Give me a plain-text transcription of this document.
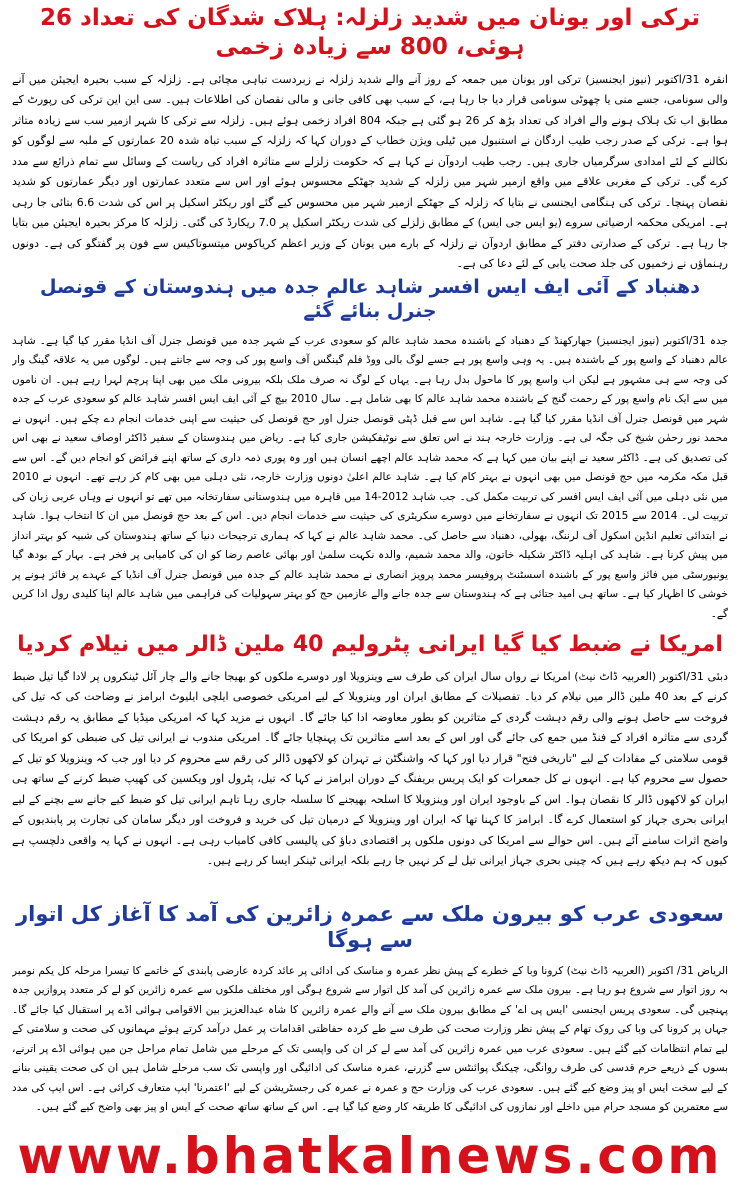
ترکی اور یونان میں شدید زلزلہ: ہلاک شدگان کی تعداد 26 ہوئی، 800 سے زیادہ زخمی

انقرہ 31/اکتوبر (نیوز ایجنسیز) ترکی اور یونان میں جمعہ کے روز آنے والے شدید زلزلہ نے زبردست تباہی مچائی ہے۔ زلزلہ کے سبب بحیرہ ایجیئن میں آنے والی سونامی، جسے منی یا چھوٹی سونامی قرار دیا جا رہا ہے، کے سبب بھی کافی جانی و مالی نقصان کی اطلاعات ہیں۔ سی این این ترکی کی رپورٹ کے مطابق اب تک ہلاک ہونے والے افراد کی تعداد بڑھ کر 26 ہو گئی ہے جبکہ 804 افراد زخمی ہوئے ہیں۔ زلزلہ سے ترکی کا شہر ازمیر سب سے زیادہ متاثر ہوا ہے۔ ترکی کے صدر رجب طیب اردگان نے استنبول میں ٹیلی ویژن خطاب کے دوران کہا کہ زلزلہ کے سبب تباہ شدہ 20 عمارتوں کے ملبہ سے لوگوں کو نکالنے کے لئے امدادی سرگرمیاں جاری ہیں۔ رجب طیب اردوآن نے کہا ہے کہ حکومت زلزلے سے متاثرہ افراد کی ریاست کے وسائل سے تمام ذرائع سے مدد کرے گی۔ ترکی کے مغربی علاقے میں واقع ازمیر شہر میں زلزلہ کے شدید جھٹکے محسوس ہوئے اور اس سے متعدد عمارتوں اور دیگر عمارتوں کو شدید نقصان پہنچا۔ ترکی کی ہنگامی ایجنسی نے بتایا کہ زلزلہ کے جھٹکے ازمیر شہر میں محسوس کیے گئے اور ریکٹر اسکیل پر اس کی شدت 6.6 بتائی جا رہی ہے۔ امریکی محکمہ ارضیاتی سروے (یو ایس جی ایس) کے مطابق زلزلے کی شدت ریکٹر اسکیل پر 7.0 ریکارڈ کی گئی۔ زلزلہ کا مرکز بحیرہ ایجیئن میں بتایا جا رہا ہے۔ ترکی کے صدارتی دفتر کے مطابق اردوآن نے زلزلہ کے بارے میں یونان کے وزیر اعظم کریاکوس میتسوتاکیس سے فون پر گفتگو کی ہے۔ دونوں رہنماؤں نے زخمیوں کی جلد صحت یابی کے لئے دعا کی ہے۔

دھنباد کے آئی ایف ایس افسر شاہد عالم جدہ میں ہندوستان کے قونصل جنرل بنائے گئے

جدہ 31/اکتوبر (نیوز ایجنسیز) جھارکھنڈ کے دھنباد کے باشندہ محمد شاہد عالم کو سعودی عرب کے شہر جدہ میں قونصل جنرل آف انڈیا مقرر کیا گیا ہے۔ شاہد عالم دھنباد کے واسع پور کے باشندہ ہیں۔ یہ وہی واسع پور ہے جسے لوگ بالی ووڈ فلم گینگس آف واسع پور کی وجہ سے جانتے ہیں۔ لوگوں میں یہ علاقہ گینگ وار کی وجہ سے ہی مشہور ہے لیکن اب واسع پور کا ماحول بدل رہا ہے۔ یہاں کے لوگ نہ صرف ملک بلکہ بیرونی ملک میں بھی اپنا پرچم لہرا رہے ہیں۔ ان ناموں میں سے ایک نام واسع پور کے رحمت گنج کے باشندہ محمد شاہد عالم کا بھی شامل ہے۔ سال 2010 بیچ کے آئی ایف ایس افسر شاہد عالم کو سعودی عرب کے جدہ شہر میں قونصل جنرل آف انڈیا مقرر کیا گیا ہے۔ شاہد اس سے قبل ڈپٹی قونصل جنرل اور حج قونصل کی حیثیت سے اپنی خدمات انجام دے چکے ہیں۔ انہوں نے محمد نور رحمٰن شیخ کی جگہ لی ہے۔ وزارت خارجہ ہند نے اس تعلق سے نوٹیفکیشن جاری کیا ہے۔ ریاض میں ہندوستان کے سفیر ڈاکٹر اوصاف سعید نے بھی اس کی تصدیق کی ہے۔ ڈاکٹر سعید نے اپنے بیان میں کہا ہے کہ محمد شاہد عالم اچھے انسان ہیں اور وہ پوری ذمہ داری کے ساتھ اپنے فرائض کو انجام دیں گے۔ اس سے قبل مکہ مکرمہ میں حج قونصل میں بھی انہوں نے بہتر کام کیا ہے۔ شاہد عالم اعلیٰ دونوں وزارت خارجہ، نئی دہلی میں بھی کام کر رہے تھے۔ انہوں نے 2010 میں نئی دہلی میں آئی ایف ایس افسر کی تربیت مکمل کی۔ جب شاہد 2012-14 میں قاہرہ میں ہندوستانی سفارتخانہ میں تھے تو انہوں نے وہاں عربی زبان کی تربیت لی۔ 2014 سے 2015 تک انہوں نے سفارتخانے میں دوسرے سکریٹری کی حیثیت سے خدمات انجام دیں۔ اس کے بعد حج قونصل میں ان کا انتخاب ہوا۔ شاہد نے ابتدائی تعلیم انڈین اسکول آف لرننگ، بھولی، دھنباد سے حاصل کی۔ محمد شاہد عالم نے کہا کہ ہماری ترجیحات دنیا کے ساتھ ہندوستان کی شبیہ کو بہتر انداز میں پیش کرنا ہے۔ شاہد کی اہلیہ ڈاکٹر شکیلہ خاتون، والد محمد شمیم، والدہ نکہت سلمیٰ اور بھائی عاصم رضا کو ان کی کامیابی پر فخر ہے۔ بہار کے بودھ گیا یونیورسٹی میں فائز واسع پور کے باشندہ اسسٹنٹ پروفیسر محمد پرویز انصاری نے محمد شاہد عالم کے جدہ میں قونصل جنرل آف انڈیا کے عہدے پر فائز ہونے پر خوشی کا اظہار کیا ہے۔ ساتھ ہی امید جتائی ہے کہ ہندوستان سے جدہ جانے والے عازمین حج کو بہتر سہولیات کی فراہمی میں شاہد عالم اپنا کلیدی رول ادا کریں گے۔

امریکا نے ضبط کیا گیا ایرانی پٹرولیم 40 ملین ڈالر میں نیلام کردیا

دبئی 31/اکتوبر (العربیہ ڈاٹ نیٹ) امریکا نے رواں سال ایران کی طرف سے وینزویلا اور دوسرے ملکوں کو بھیجا جانے والے چار آئل ٹینکروں پر لادا گیا تیل ضبط کرنے کے بعد 40 ملین ڈالر میں نیلام کر دیا۔ تفصیلات کے مطابق ایران اور وینزویلا کے لیے امریکی خصوصی ایلچی ایلیوٹ ابرامز نے وضاحت کی کہ تیل کی فروخت سے حاصل ہونے والی رقم دہشت گردی کے متاثرین کو بطور معاوضہ ادا کیا جائے گا۔ انہوں نے مزید کہا کہ امریکی میڈیا کے مطابق یہ رقم دہشت گردی سے متاثرہ افراد کے فنڈ میں جمع کی جائے گی اور اس کے بعد اسے متاثرین تک پہنچایا جائے گا۔ امریکی مندوب نے ایرانی تیل کی ضبطی کو امریکا کی قومی سلامتی کے مفادات کے لیے "تاریخی فتح" قرار دیا اور کہا کہ واشنگٹن نے تہران کو لاکھوں ڈالر کی رقم سے محروم کر دیا اور جب کہ وینزویلا کو تیل کے حصول سے محروم کیا ہے۔ انہوں نے کل جمعرات کو ایک پریس بریفنگ کے دوران ابرامز نے کہا کہ تیل، پٹرول اور ویکسین کی کھیپ ضبط کرنے کے ساتھ ہی ایران کو لاکھوں ڈالر کا نقصان ہوا۔ اس کے باوجود ایران اور وینزویلا کا اسلحہ بھیجنے کا سلسلہ جاری رہا تاہم ایرانی تیل کو ضبط کیے جانے سے بچنے کے لیے ایرانی بحری جہاز کو استعمال کرے گا۔ ابرامز کا کہنا تھا کہ ایران اور وینزویلا کے درمیان تیل کی خرید و فروخت اور دیگر سامان کی تجارت پر پابندیوں کے واضح اثرات سامنے آئے ہیں۔ اس حوالے سے امریکا کی دونوں ملکوں پر اقتصادی دباؤ کی پالیسی کافی کامیاب رہی ہے۔ انہوں نے کہا یہ واقعی دلچسپ ہے کیوں کہ ہم دیکھ رہے ہیں کہ چینی بحری جہاز ایرانی تیل لے کر نہیں جا رہے بلکہ ایرانی ٹینکر ایسا کر رہے ہیں۔

سعودی عرب کو بیرون ملک سے عمرہ زائرین کی آمد کا آغاز کل اتوار سے ہوگا

الریاض 31/ اکتوبر (العربیہ ڈاٹ نیٹ) کرونا وبا کے خطرے کے پیش نظر عمرہ و مناسک کی ادائی پر عائد کردہ عارضی پابندی کے خاتمے کا تیسرا مرحلہ کل یکم نومبر بہ روز اتوار سے شروع ہو رہا ہے۔ بیرون ملک سے عمرہ زائرین کی آمد کل اتوار سے شروع ہوگی اور مختلف ملکوں سے عمرہ زائرین کو لے کر متعدد پروازیں جدہ پہنچیں گی۔ سعودی پریس ایجنسی 'ایس پی اے' کے مطابق بیرون ملک سے آنے والے عمرہ زائرین کا شاہ عبدالعزیز بین الاقوامی ہوائی اڈے پر استقبال کیا جائے گا۔ جہاں پر کرونا کی وبا کی روک تھام کے پیش نظر وزارت صحت کی طرف سے طے کردہ حفاظتی اقدامات پر عمل درآمد کرتے ہوئے مہمانوں کی صحت و سلامتی کے لیے تمام انتظامات کیے گئے ہیں۔ سعودی عرب میں عمرہ زائرین کی آمد سے لے کر ان کی واپسی تک کے مرحلے میں شامل تمام مراحل جن میں ہوائی اڈے پر اترنے، بسوں کے ذریعے حرم قدسی کی طرف روانگی، چیکنگ پوائنٹس سے گزرنے، عمرہ مناسک کی ادائیگی اور واپسی تک سب مرحلے شامل ہیں ان کی صحت یقینی بنانے کے لیے سخت ایس او پیز وضع کیے گئے ہیں۔ سعودی عرب کی وزارت حج و عمرہ نے عمرہ کی رجسٹریشن کے لیے 'اعتمرنا' ایپ متعارف کرائی ہے۔ اس ایپ کی مدد سے معتمرین کو مسجد حرام میں داخلے اور نمازوں کی ادائیگی کا طریقہ کار وضع کیا گیا ہے۔ اس کے ساتھ ساتھ صحت کے ایس او پیز بھی واضح کیے گئے ہیں۔

www.bhatkalnews.com
